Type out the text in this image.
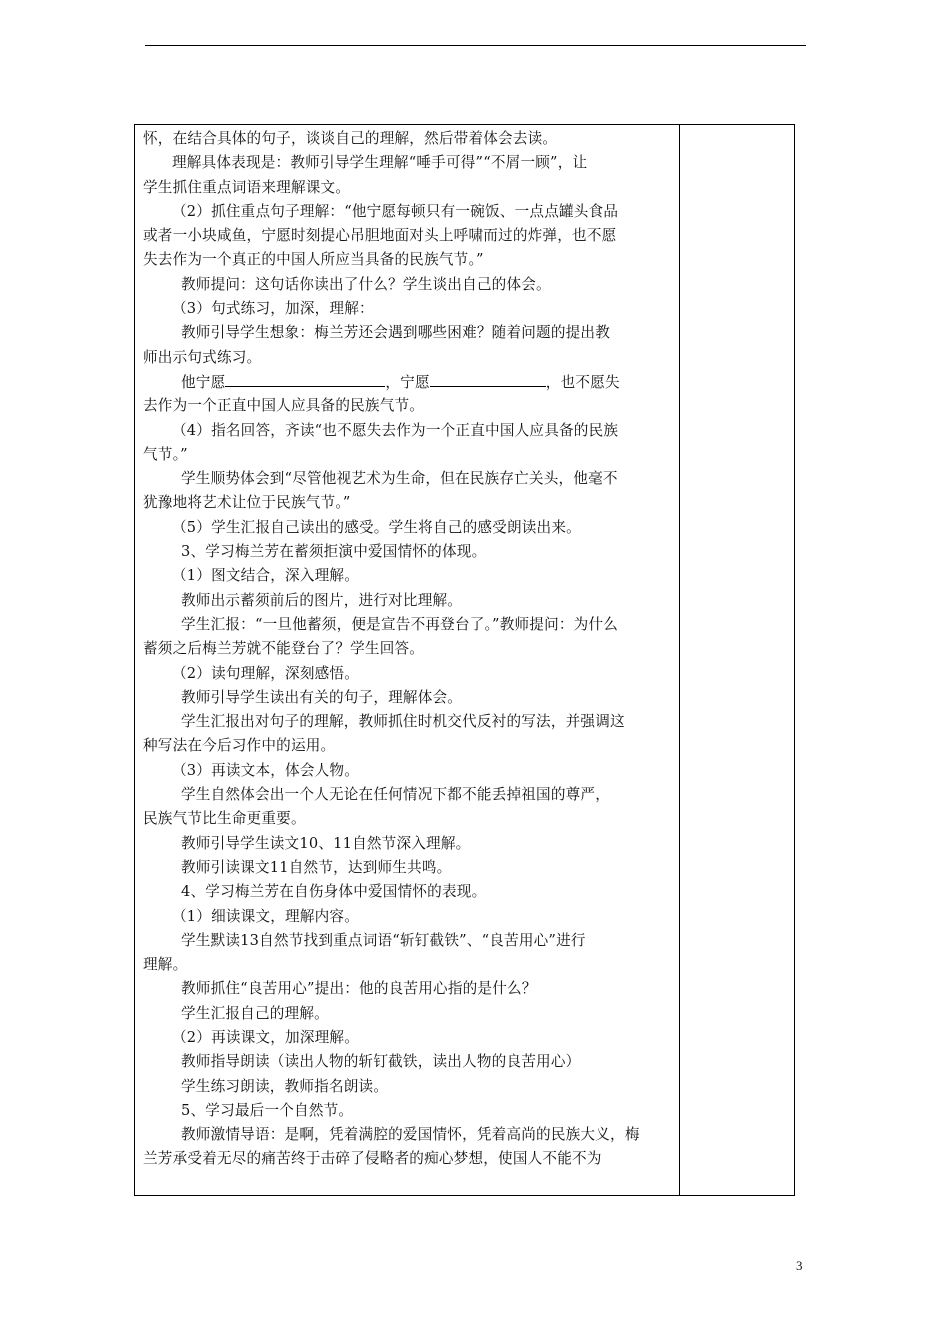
怀，在结合具体的句子，谈谈自己的理解，然后带着体会去读。
理解具体表现是：教师引导学生理解“唾手可得”“不屑一顾”，让
学生抓住重点词语来理解课文。
（2）抓住重点句子理解：“他宁愿每顿只有一碗饭、一点点罐头食品
或者一小块咸鱼，宁愿时刻提心吊胆地面对头上呼啸而过的炸弹，也不愿
失去作为一个真正的中国人所应当具备的民族气节。”
教师提问：这句话你读出了什么？学生谈出自己的体会。
（3）句式练习，加深，理解：
教师引导学生想象：梅兰芳还会遇到哪些困难？随着问题的提出教
师出示句式练习。
他宁愿	，宁愿	，也不愿失
去作为一个正直中国人应具备的民族气节。
（4）指名回答，齐读“也不愿失去作为一个正直中国人应具备的民族
气节。”
学生顺势体会到“尽管他视艺术为生命，但在民族存亡关头，他毫不
犹豫地将艺术让位于民族气节。”
（5）学生汇报自己读出的感受。学生将自己的感受朗读出来。
3、学习梅兰芳在蓄须拒演中爱国情怀的体现。
（1）图文结合，深入理解。
教师出示蓄须前后的图片，进行对比理解。
学生汇报：“一旦他蓄须，便是宣告不再登台了。”教师提问：为什么
蓄须之后梅兰芳就不能登台了？学生回答。
（2）读句理解，深刻感悟。
教师引导学生读出有关的句子，理解体会。
学生汇报出对句子的理解，教师抓住时机交代反衬的写法，并强调这
种写法在今后习作中的运用。
（3）再读文本，体会人物。
学生自然体会出一个人无论在任何情况下都不能丢掉祖国的尊严，
民族气节比生命更重要。
教师引导学生读文10、11自然节深入理解。
教师引读课文11自然节，达到师生共鸣。
4、学习梅兰芳在自伤身体中爱国情怀的表现。
（1）细读课文，理解内容。
学生默读13自然节找到重点词语“斩钉截铁”、“良苦用心”进行
理解。
教师抓住“良苦用心”提出：他的良苦用心指的是什么？
学生汇报自己的理解。
（2）再读课文，加深理解。
教师指导朗读（读出人物的斩钉截铁，读出人物的良苦用心）
学生练习朗读，教师指名朗读。
5、学习最后一个自然节。
教师激情导语：是啊，凭着满腔的爱国情怀，凭着高尚的民族大义，梅
兰芳承受着无尽的痛苦终于击碎了侵略者的痴心梦想，使国人不能不为
3
